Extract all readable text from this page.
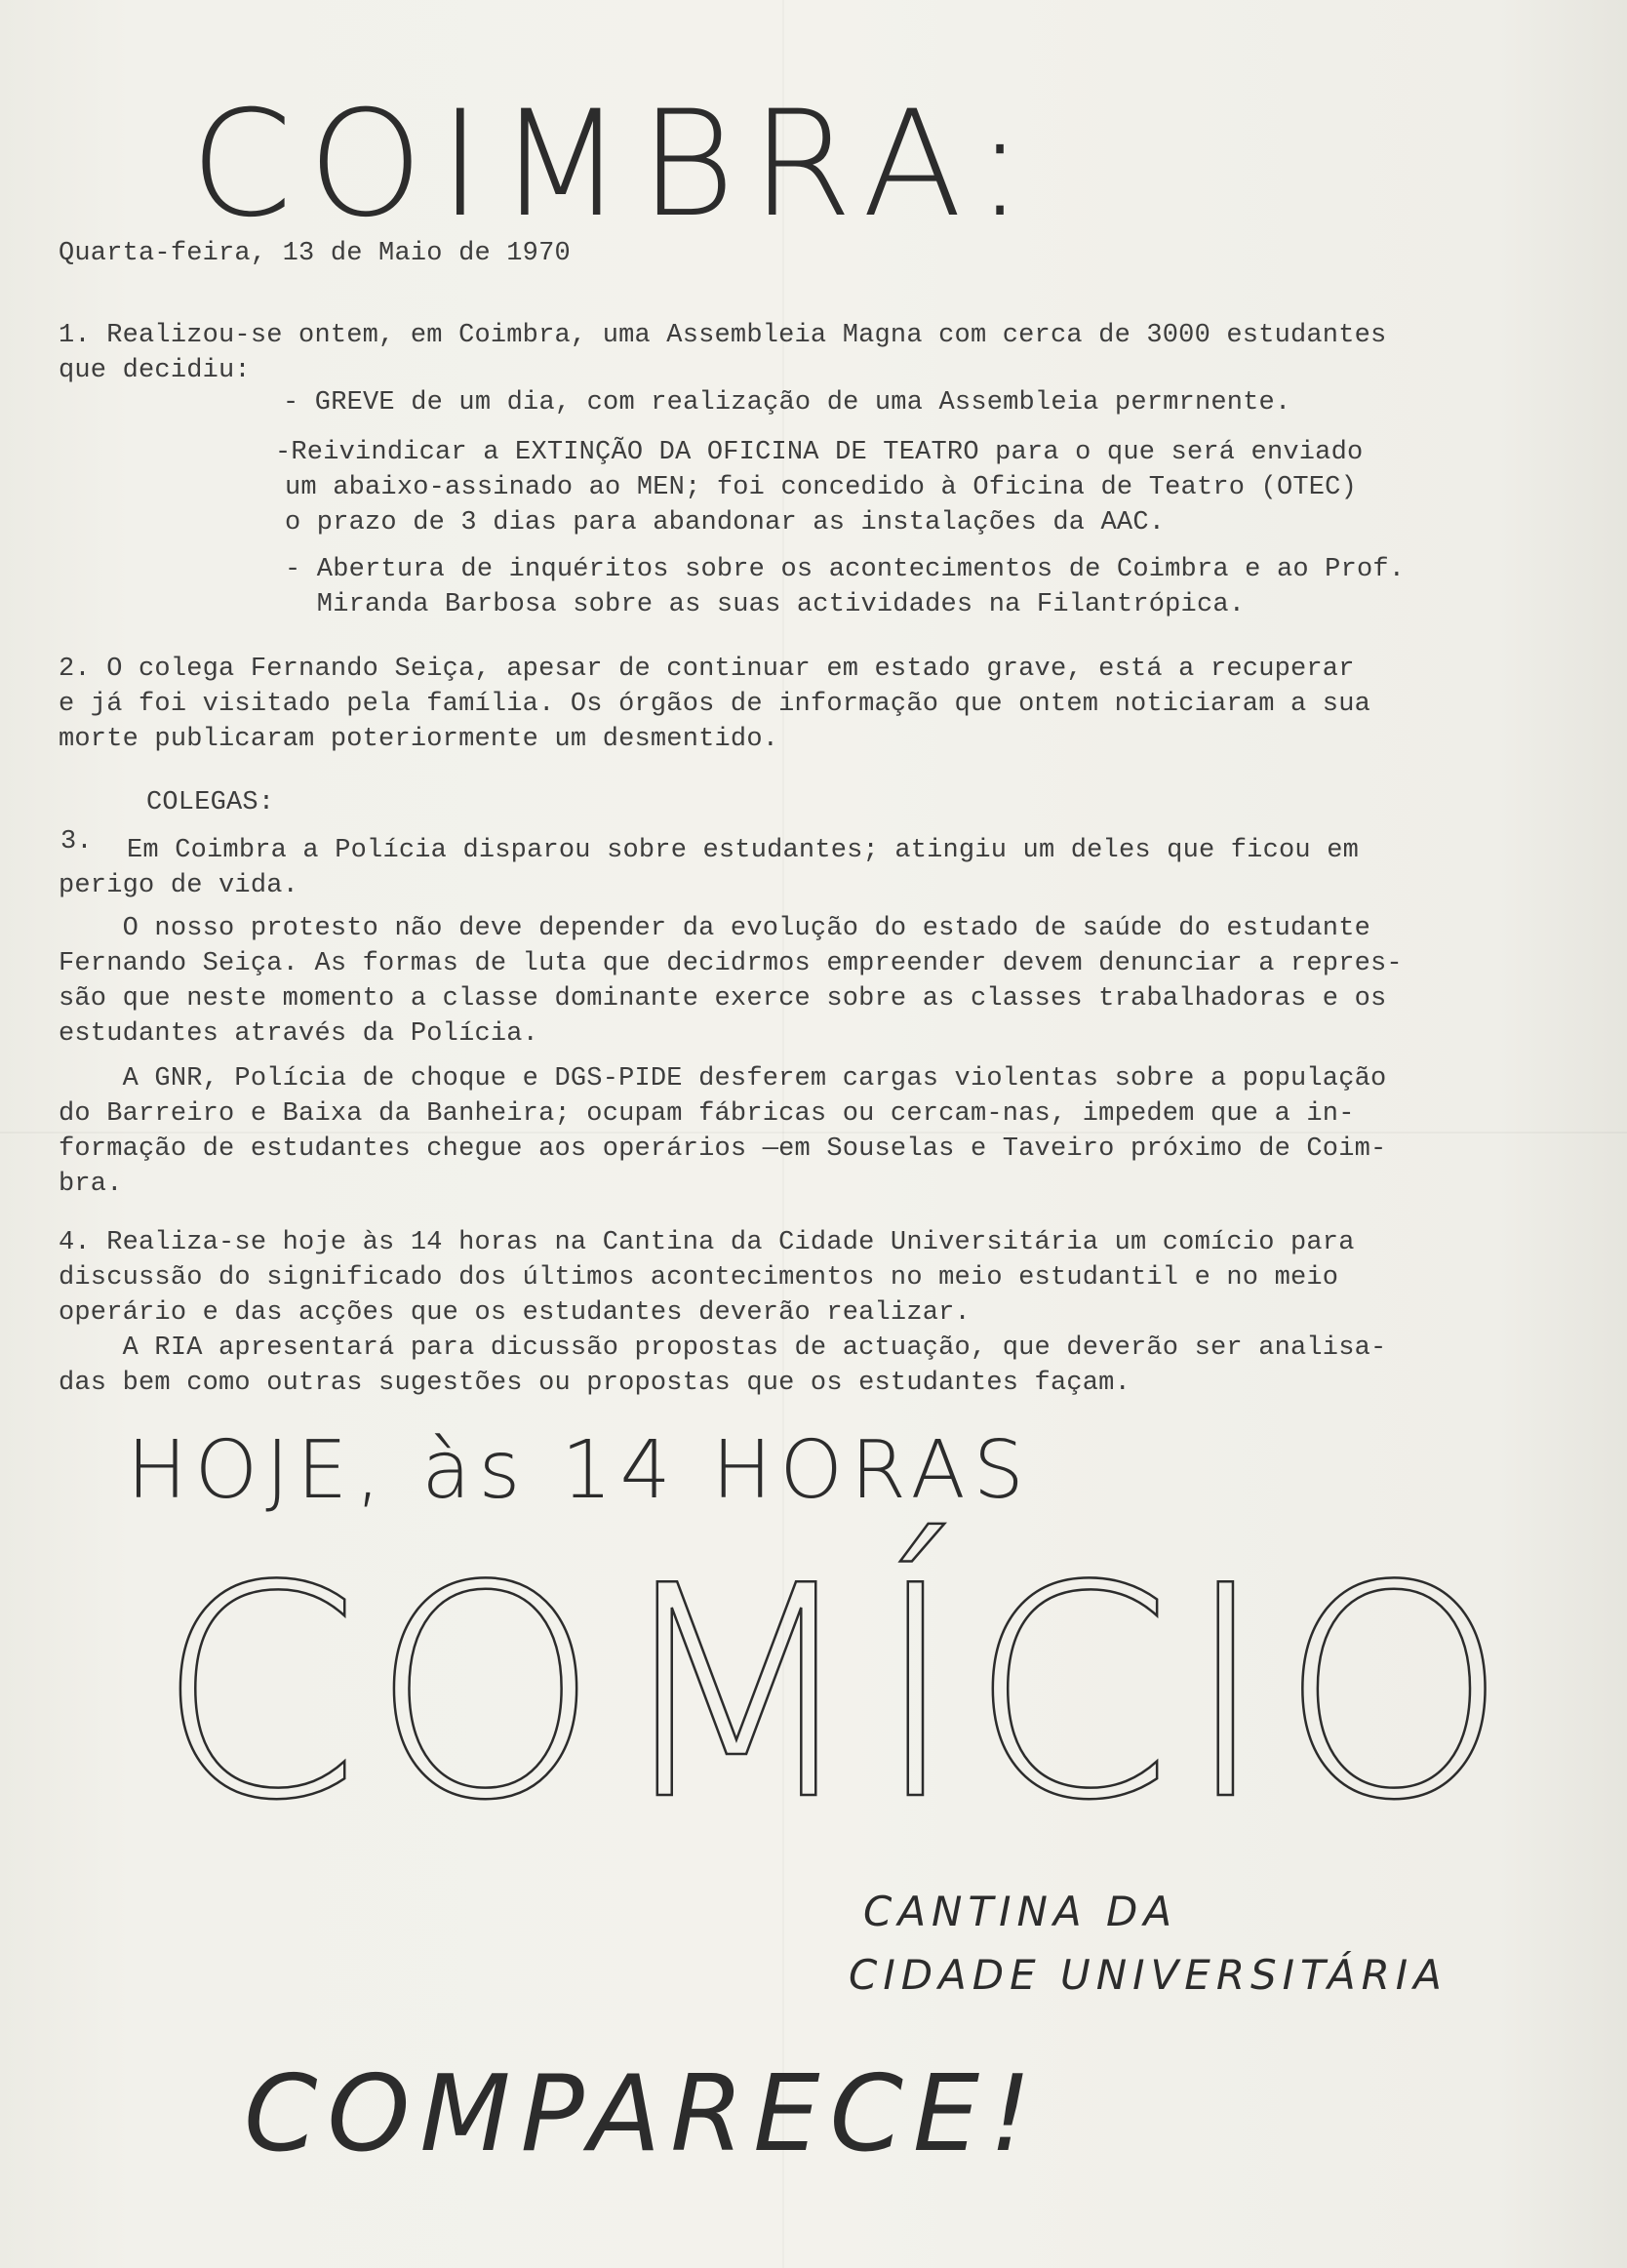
COIMBRA:
Quarta-feira, 13 de Maio de 1970
1. Realizou-se ontem, em Coimbra, uma Assembleia Magna com cerca de 3000 estudantes
que decidiu:
- GREVE de um dia, com realização de uma Assembleia permrnente.
-Reivindicar a EXTINÇÃO DA OFICINA DE TEATRO para o que será enviado
um abaixo-assinado ao MEN; foi concedido à Oficina de Teatro (OTEC)
o prazo de 3 dias para abandonar as instalações da AAC.
- Abertura de inquéritos sobre os acontecimentos de Coimbra e ao Prof.
Miranda Barbosa sobre as suas actividades na Filantrópica.
2. O colega Fernando Seiça, apesar de continuar em estado grave, está a recuperar
e já foi visitado pela família. Os órgãos de informação que ontem noticiaram a sua
morte publicaram poteriormente um desmentido.
COLEGAS:
3. Em Coimbra a Polícia disparou sobre estudantes; atingiu um deles que ficou em
perigo de vida.
O nosso protesto não deve depender da evolução do estado de saúde do estudante
Fernando Seiça. As formas de luta que decidrmos empreender devem denunciar a repres-
são que neste momento a classe dominante exerce sobre as classes trabalhadoras e os
estudantes através da Polícia.
A GNR, Polícia de choque e DGS-PIDE desferem cargas violentas sobre a população
do Barreiro e Baixa da Banheira; ocupam fábricas ou cercam-nas, impedem que a in-
formação de estudantes chegue aos operários —em Souselas e Taveiro próximo de Coim-
bra.
4. Realiza-se hoje às 14 horas na Cantina da Cidade Universitária um comício para
discussão do significado dos últimos acontecimentos no meio estudantil e no meio
operário e das acções que os estudantes deverão realizar.
A RIA apresentará para dicussão propostas de actuação, que deverão ser analisa-
das bem como outras sugestões ou propostas que os estudantes façam.
HOJE, às 14 HORAS
COMÍCIO
CANTINA DA
CIDADE UNIVERSITÁRIA
COMPARECE!
